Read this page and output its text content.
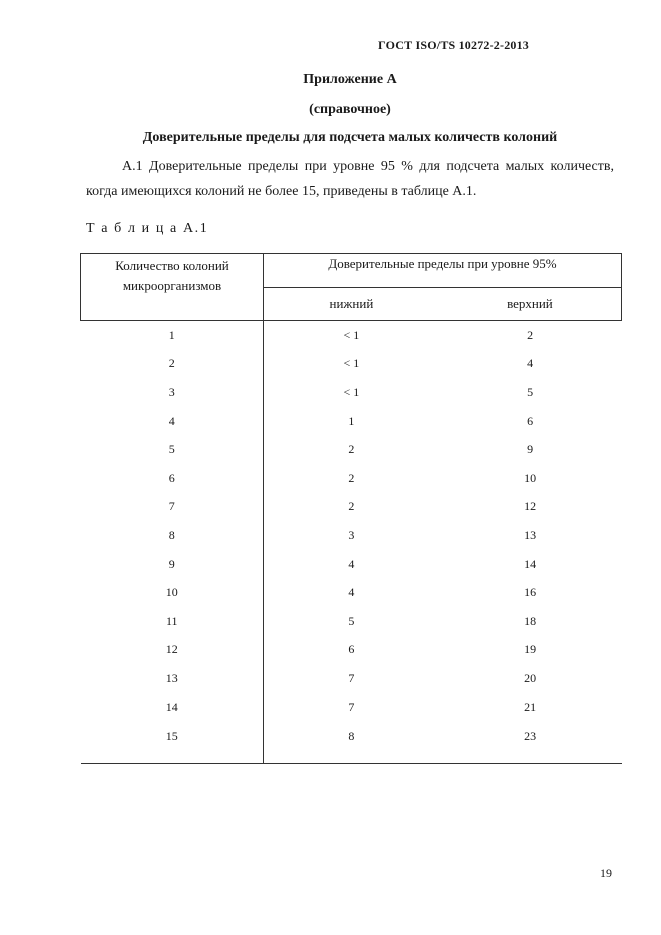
ГОСТ ISO/TS 10272-2-2013
Приложение А
(справочное)
Доверительные пределы для подсчета малых количеств колоний

А.1 Доверительные пределы при уровне 95 % для подсчета малых количеств, когда имеющихся колоний не более 15, приведены в таблице А.1.

Т а б л и ц а А.1
Количество колоний микроорганизмов	Доверительные пределы при уровне 95%	
	нижний	верхний
1	< 1	2
2	< 1	4
3	< 1	5
4	1	6
5	2	9
6	2	10
7	2	12
8	3	13
9	4	14
10	4	16
11	5	18
12	6	19
13	7	20
14	7	21
15	8	23
19
